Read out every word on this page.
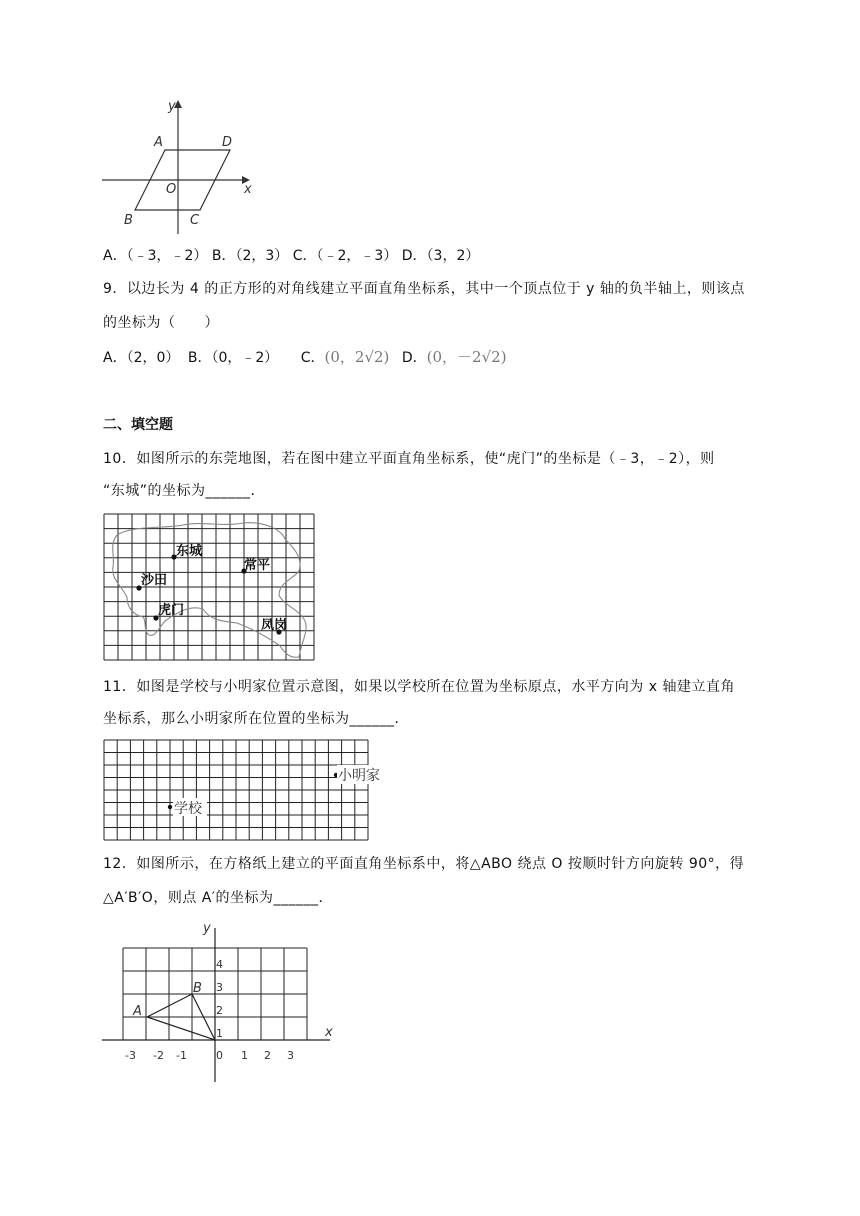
y
x
A	D
O
B	C
A．（﹣3，﹣2） B．（2，3） C．（﹣2，﹣3） D．（3，2）
9．以边长为 4 的正方形的对角线建立平面直角坐标系，其中一个顶点位于 y 轴的负半轴上，则该点
的坐标为（　　）
A．（2，0） B．（0，﹣2） C．(0，2√2) D．(0，－2√2)
二、填空题
10．如图所示的东莞地图，若在图中建立平面直角坐标系，使“虎门”的坐标是（﹣3，﹣2），则
“东城”的坐标为______．
东城
常平
沙田
虎门
凤岗
11．如图是学校与小明家位置示意图，如果以学校所在位置为坐标原点，水平方向为 x 轴建立直角
坐标系，那么小明家所在位置的坐标为______．
小明家
学校
12．如图所示，在方格纸上建立的平面直角坐标系中，将△ABO 绕点 O 按顺时针方向旋转 90°，得
△A′B′O，则点 A′的坐标为______．
x
y
A
B
-3 -2 -1	0 1 2 3
1
2
3
4
